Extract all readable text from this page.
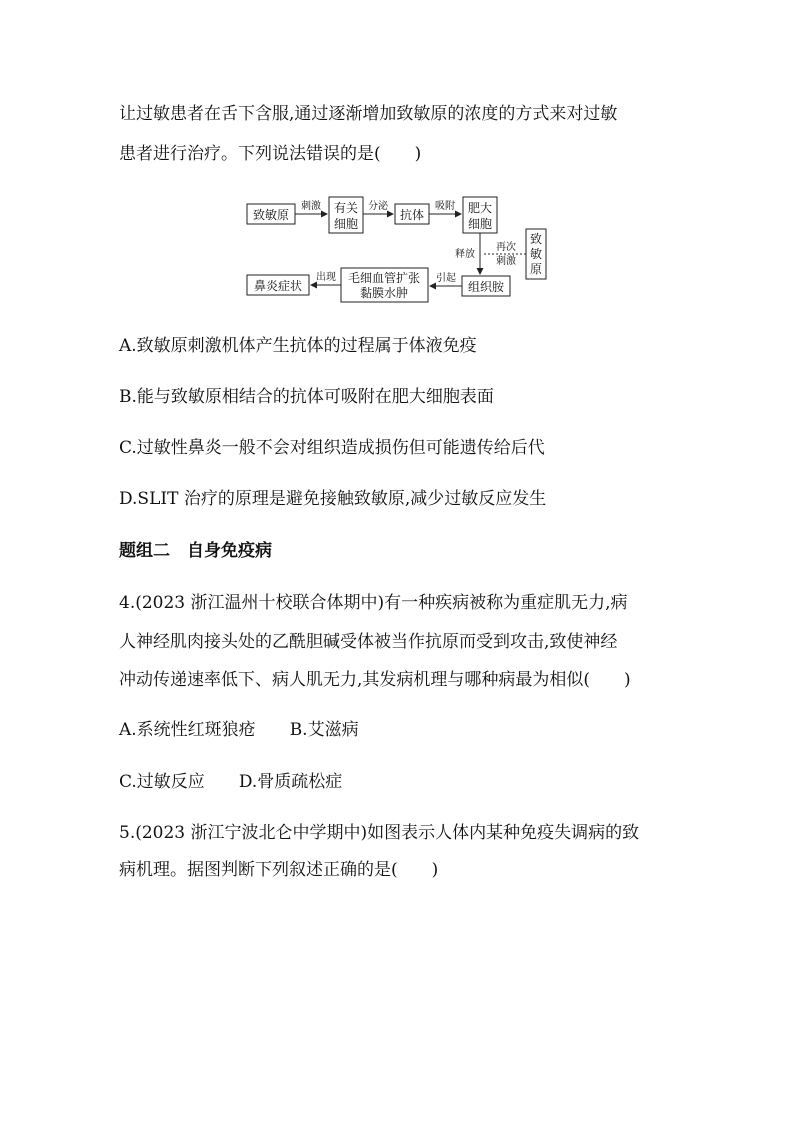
让过敏患者在舌下含服,通过逐渐增加致敏原的浓度的方式来对过敏
患者进行治疗。下列说法错误的是(　　)
致敏原
刺激 有关
细胞
分泌
抗体
吸附 肥大
细胞
致
敏
原
再次
刺激
释放
组织胺
引起
毛细血管扩张
黏膜水肿
出现
鼻炎症状
A.致敏原刺激机体产生抗体的过程属于体液免疫
B.能与致敏原相结合的抗体可吸附在肥大细胞表面
C.过敏性鼻炎一般不会对组织造成损伤但可能遗传给后代
D.SLIT 治疗的原理是避免接触致敏原,减少过敏反应发生
题组二　自身免疫病
4.(2023 浙江温州十校联合体期中)有一种疾病被称为重症肌无力,病
人神经肌肉接头处的乙酰胆碱受体被当作抗原而受到攻击,致使神经
冲动传递速率低下、病人肌无力,其发病机理与哪种病最为相似(　　)
A.系统性红斑狼疮 B.艾滋病
C.过敏反应 D.骨质疏松症
5.(2023 浙江宁波北仑中学期中)如图表示人体内某种免疫失调病的致
病机理。据图判断下列叙述正确的是(　　)
